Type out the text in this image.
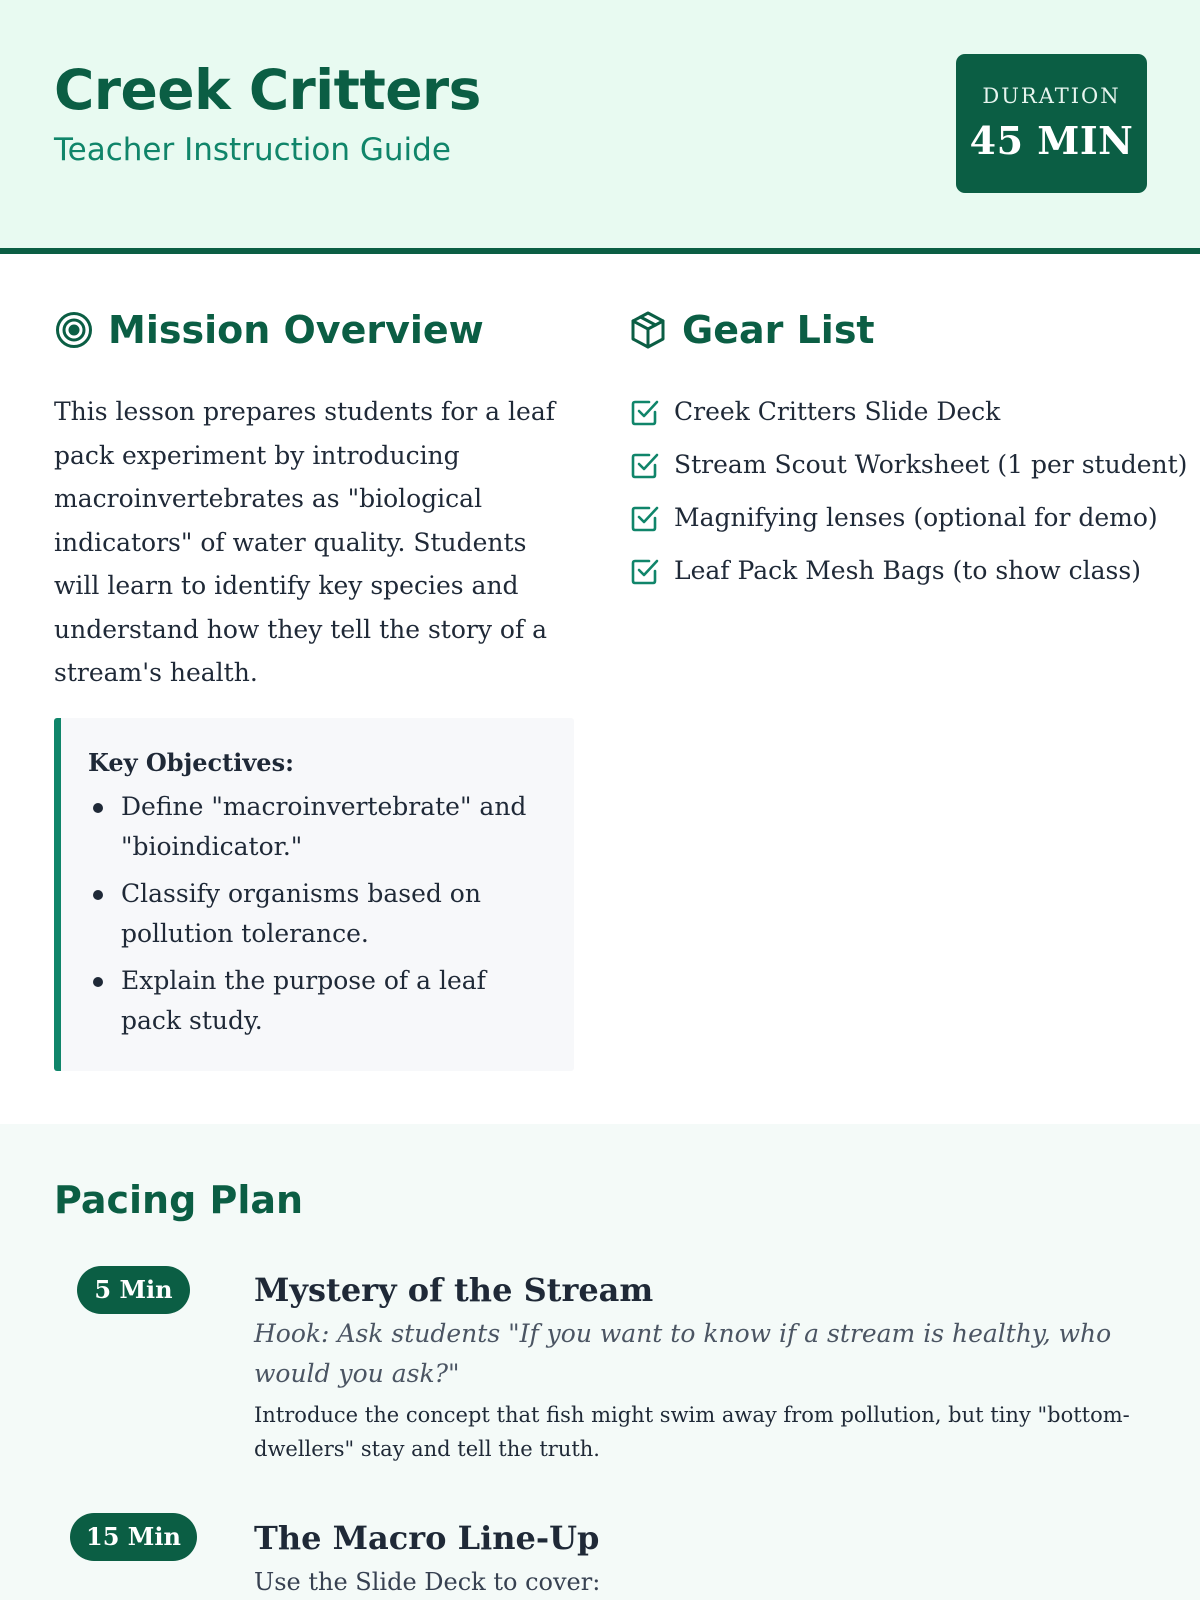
Creek Critters
Teacher Instruction Guide
DURATION
45 MIN
Mission Overview
This lesson prepares students for a leaf pack experiment by introducing macroinvertebrates as "biological indicators" of water quality. Students will learn to identify key species and understand how they tell the story of a stream's health.
Key Objectives:
Define "macroinvertebrate" and "bioindicator."
Classify organisms based on pollution tolerance.
Explain the purpose of a leaf pack study.
Gear List
Creek Critters Slide Deck
Stream Scout Worksheet (1 per student)
Magnifying lenses (optional for demo)
Leaf Pack Mesh Bags (to show class)
Pacing Plan
5 Min	Mystery of the Stream
Hook: Ask students "If you want to know if a stream is healthy, who would you ask?"
Introduce the concept that fish might swim away from pollution, but tiny "bottom-dwellers" stay and tell the truth.
15 Min	The Macro Line-Up
Use the Slide Deck to cover:
